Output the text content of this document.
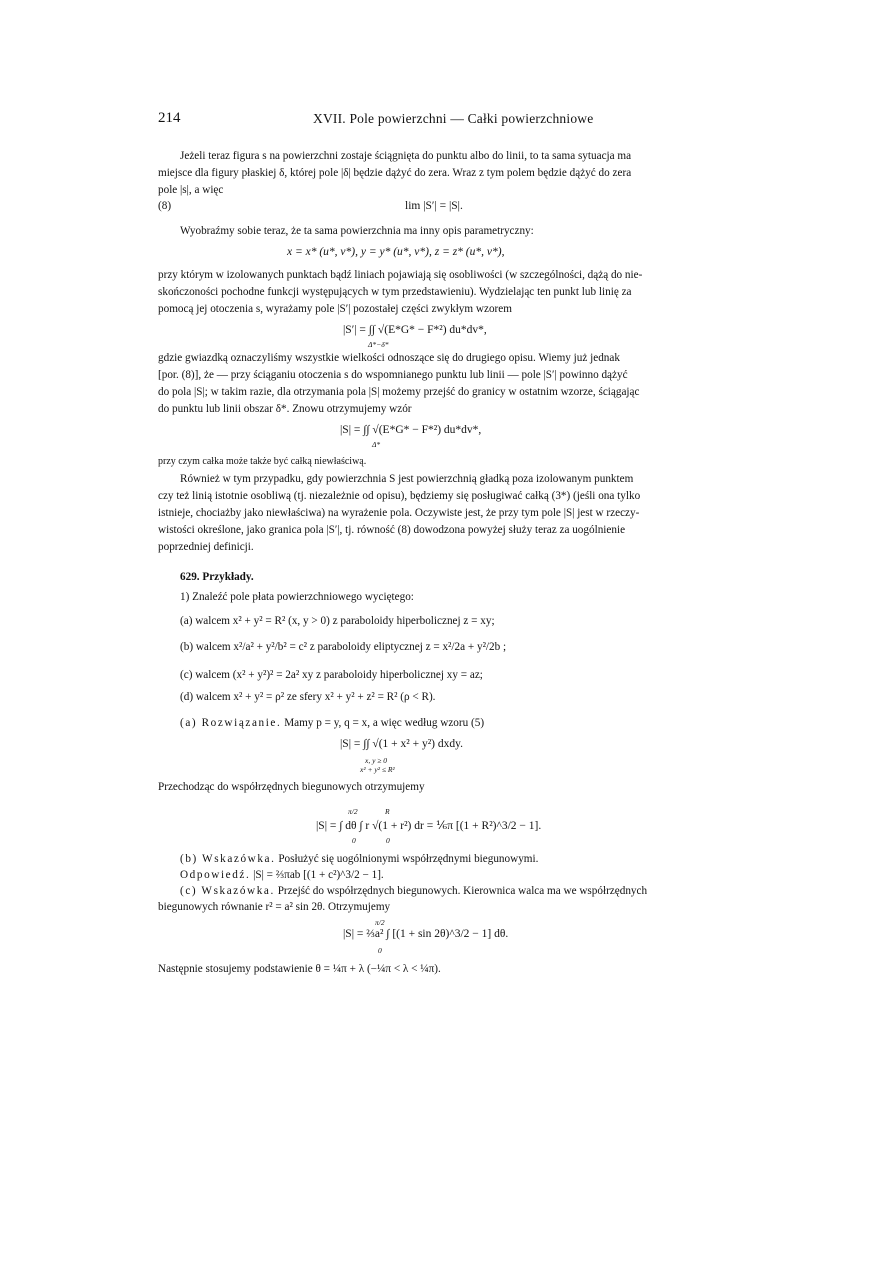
214	XVII. Pole powierzchni — Całki powierzchniowe
Jeżeli teraz figura s na powierzchni zostaje ściągnięta do punktu albo do linii, to ta sama sytuacja ma
miejsce dla figury płaskiej δ, której pole |δ| będzie dążyć do zera. Wraz z tym polem będzie dążyć do zera
pole |s|, a więc
(8)	lim |S′| = |S|.
Wyobraźmy sobie teraz, że ta sama powierzchnia ma inny opis parametryczny:
x = x* (u*, v*), y = y* (u*, v*), z = z* (u*, v*),
przy którym w izolowanych punktach bądź liniach pojawiają się osobliwości (w szczególności, dążą do nie-
skończoności pochodne funkcji występujących w tym przedstawieniu). Wydzielając ten punkt lub linię za
pomocą jej otoczenia s, wyrażamy pole |S′| pozostałej części zwykłym wzorem
|S′| = ∫∫ √(E*G* − F*²) du*dv*,
Δ*−δ*
gdzie gwiazdką oznaczyliśmy wszystkie wielkości odnoszące się do drugiego opisu. Wiemy już jednak
[por. (8)], że — przy ściąganiu otoczenia s do wspomnianego punktu lub linii — pole |S′| powinno dążyć
do pola |S|; w takim razie, dla otrzymania pola |S| możemy przejść do granicy w ostatnim wzorze, ściągając
do punktu lub linii obszar δ*. Znowu otrzymujemy wzór
|S| = ∫∫ √(E*G* − F*²) du*dv*,
Δ*
przy czym całka może także być całką niewłaściwą.
Również w tym przypadku, gdy powierzchnia S jest powierzchnią gładką poza izolowanym punktem
czy też linią istotnie osobliwą (tj. niezależnie od opisu), będziemy się posługiwać całką (3*) (jeśli ona tylko
istnieje, chociażby jako niewłaściwa) na wyrażenie pola. Oczywiste jest, że przy tym pole |S| jest w rzeczy-
wistości określone, jako granica pola |S′|, tj. równość (8) dowodzona powyżej służy teraz za uogólnienie
poprzedniej definicji.
629. Przykłady.
1) Znaleźć pole płata powierzchniowego wyciętego:
(a) walcem x² + y² = R² (x, y > 0) z paraboloidy hiperbolicznej z = xy;
(b) walcem x²/a² + y²/b² = c² z paraboloidy eliptycznej z = x²/2a + y²/2b ;
(c) walcem (x² + y²)² = 2a² xy z paraboloidy hiperbolicznej xy = az;
(d) walcem x² + y² = ρ² ze sfery x² + y² + z² = R² (ρ < R).
(a) Rozwiązanie. Mamy p = y, q = x, a więc według wzoru (5)
|S| = ∫∫ √(1 + x² + y²) dxdy.
x, y ≥ 0
x² + y² ≤ R²
Przechodząc do współrzędnych biegunowych otrzymujemy
π/2	R
|S| = ∫ dθ ∫ r √(1 + r²) dr = ⅙π [(1 + R²)^3/2 − 1].
0	0
(b) Wskazówka. Posłużyć się uogólnionymi współrzędnymi biegunowymi.
Odpowiedź. |S| = ⅔πab [(1 + c²)^3/2 − 1].
(c) Wskazówka. Przejść do współrzędnych biegunowych. Kierownica walca ma we współrzędnych
biegunowych równanie r² = a² sin 2θ. Otrzymujemy
π/2
|S| = ⅔a² ∫ [(1 + sin 2θ)^3/2 − 1] dθ.
0
Następnie stosujemy podstawienie θ = ¼π + λ (−¼π < λ < ¼π).
